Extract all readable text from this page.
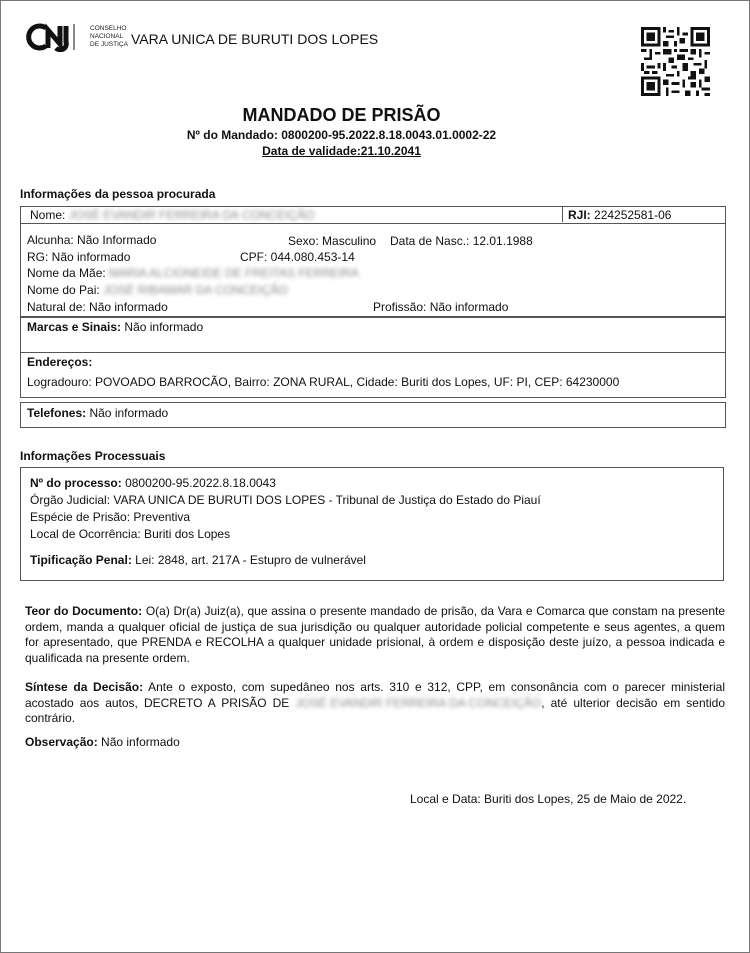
CONSELHO
NACIONAL
DE JUSTIÇA VARA UNICA DE BURUTI DOS LOPES
MANDADO DE PRISÃO
Nº do Mandado: 0800200-95.2022.8.18.0043.01.0002-22
Data de validade:21.10.2041
Informações da pessoa procurada
Nome: JOSÉ EVANDIR FERREIRA DA CONCEIÇÃO	RJI: 224252581-06
Alcunha: Não Informado	Sexo: Masculino Data de Nasc.: 12.01.1988
RG: Não informado	CPF: 044.080.453-14
Nome da Mãe: MARIA ALCIONEIDE DE FREITAS FERREIRA
Nome do Pai: JOSÉ RIBAMAR DA CONCEIÇÃO
Natural de: Não informado	Profissão: Não informado
Marcas e Sinais: Não informado
Endereços:
Logradouro: POVOADO BARROCÃO, Bairro: ZONA RURAL, Cidade: Buriti dos Lopes, UF: PI, CEP: 64230000
Telefones: Não informado
Informações Processuais
Nº do processo: 0800200-95.2022.8.18.0043
Órgão Judicial: VARA UNICA DE BURUTI DOS LOPES - Tribunal de Justiça do Estado do Piauí
Espécie de Prisão: Preventiva
Local de Ocorrência: Buriti dos Lopes
Tipificação Penal: Lei: 2848, art. 217A - Estupro de vulnerável
Teor do Documento: O(a) Dr(a) Juiz(a), que assina o presente mandado de prisão, da Vara e Comarca que constam na presente ordem, manda a qualquer oficial de justiça de sua jurisdição ou qualquer autoridade policial competente e seus agentes, a quem for apresentado, que PRENDA e RECOLHA a qualquer unidade prisional, à ordem e disposição deste juízo, a pessoa indicada e qualificada na presente ordem.
Síntese da Decisão: Ante o exposto, com supedâneo nos arts. 310 e 312, CPP, em consonância com o parecer ministerial acostado aos autos, DECRETO A PRISÃO DE JOSÉ EVANDIR FERREIRA DA CONCEIÇÃO, até ulterior decisão em sentido contrário.
Observação: Não informado
Local e Data: Buriti dos Lopes, 25 de Maio de 2022.
